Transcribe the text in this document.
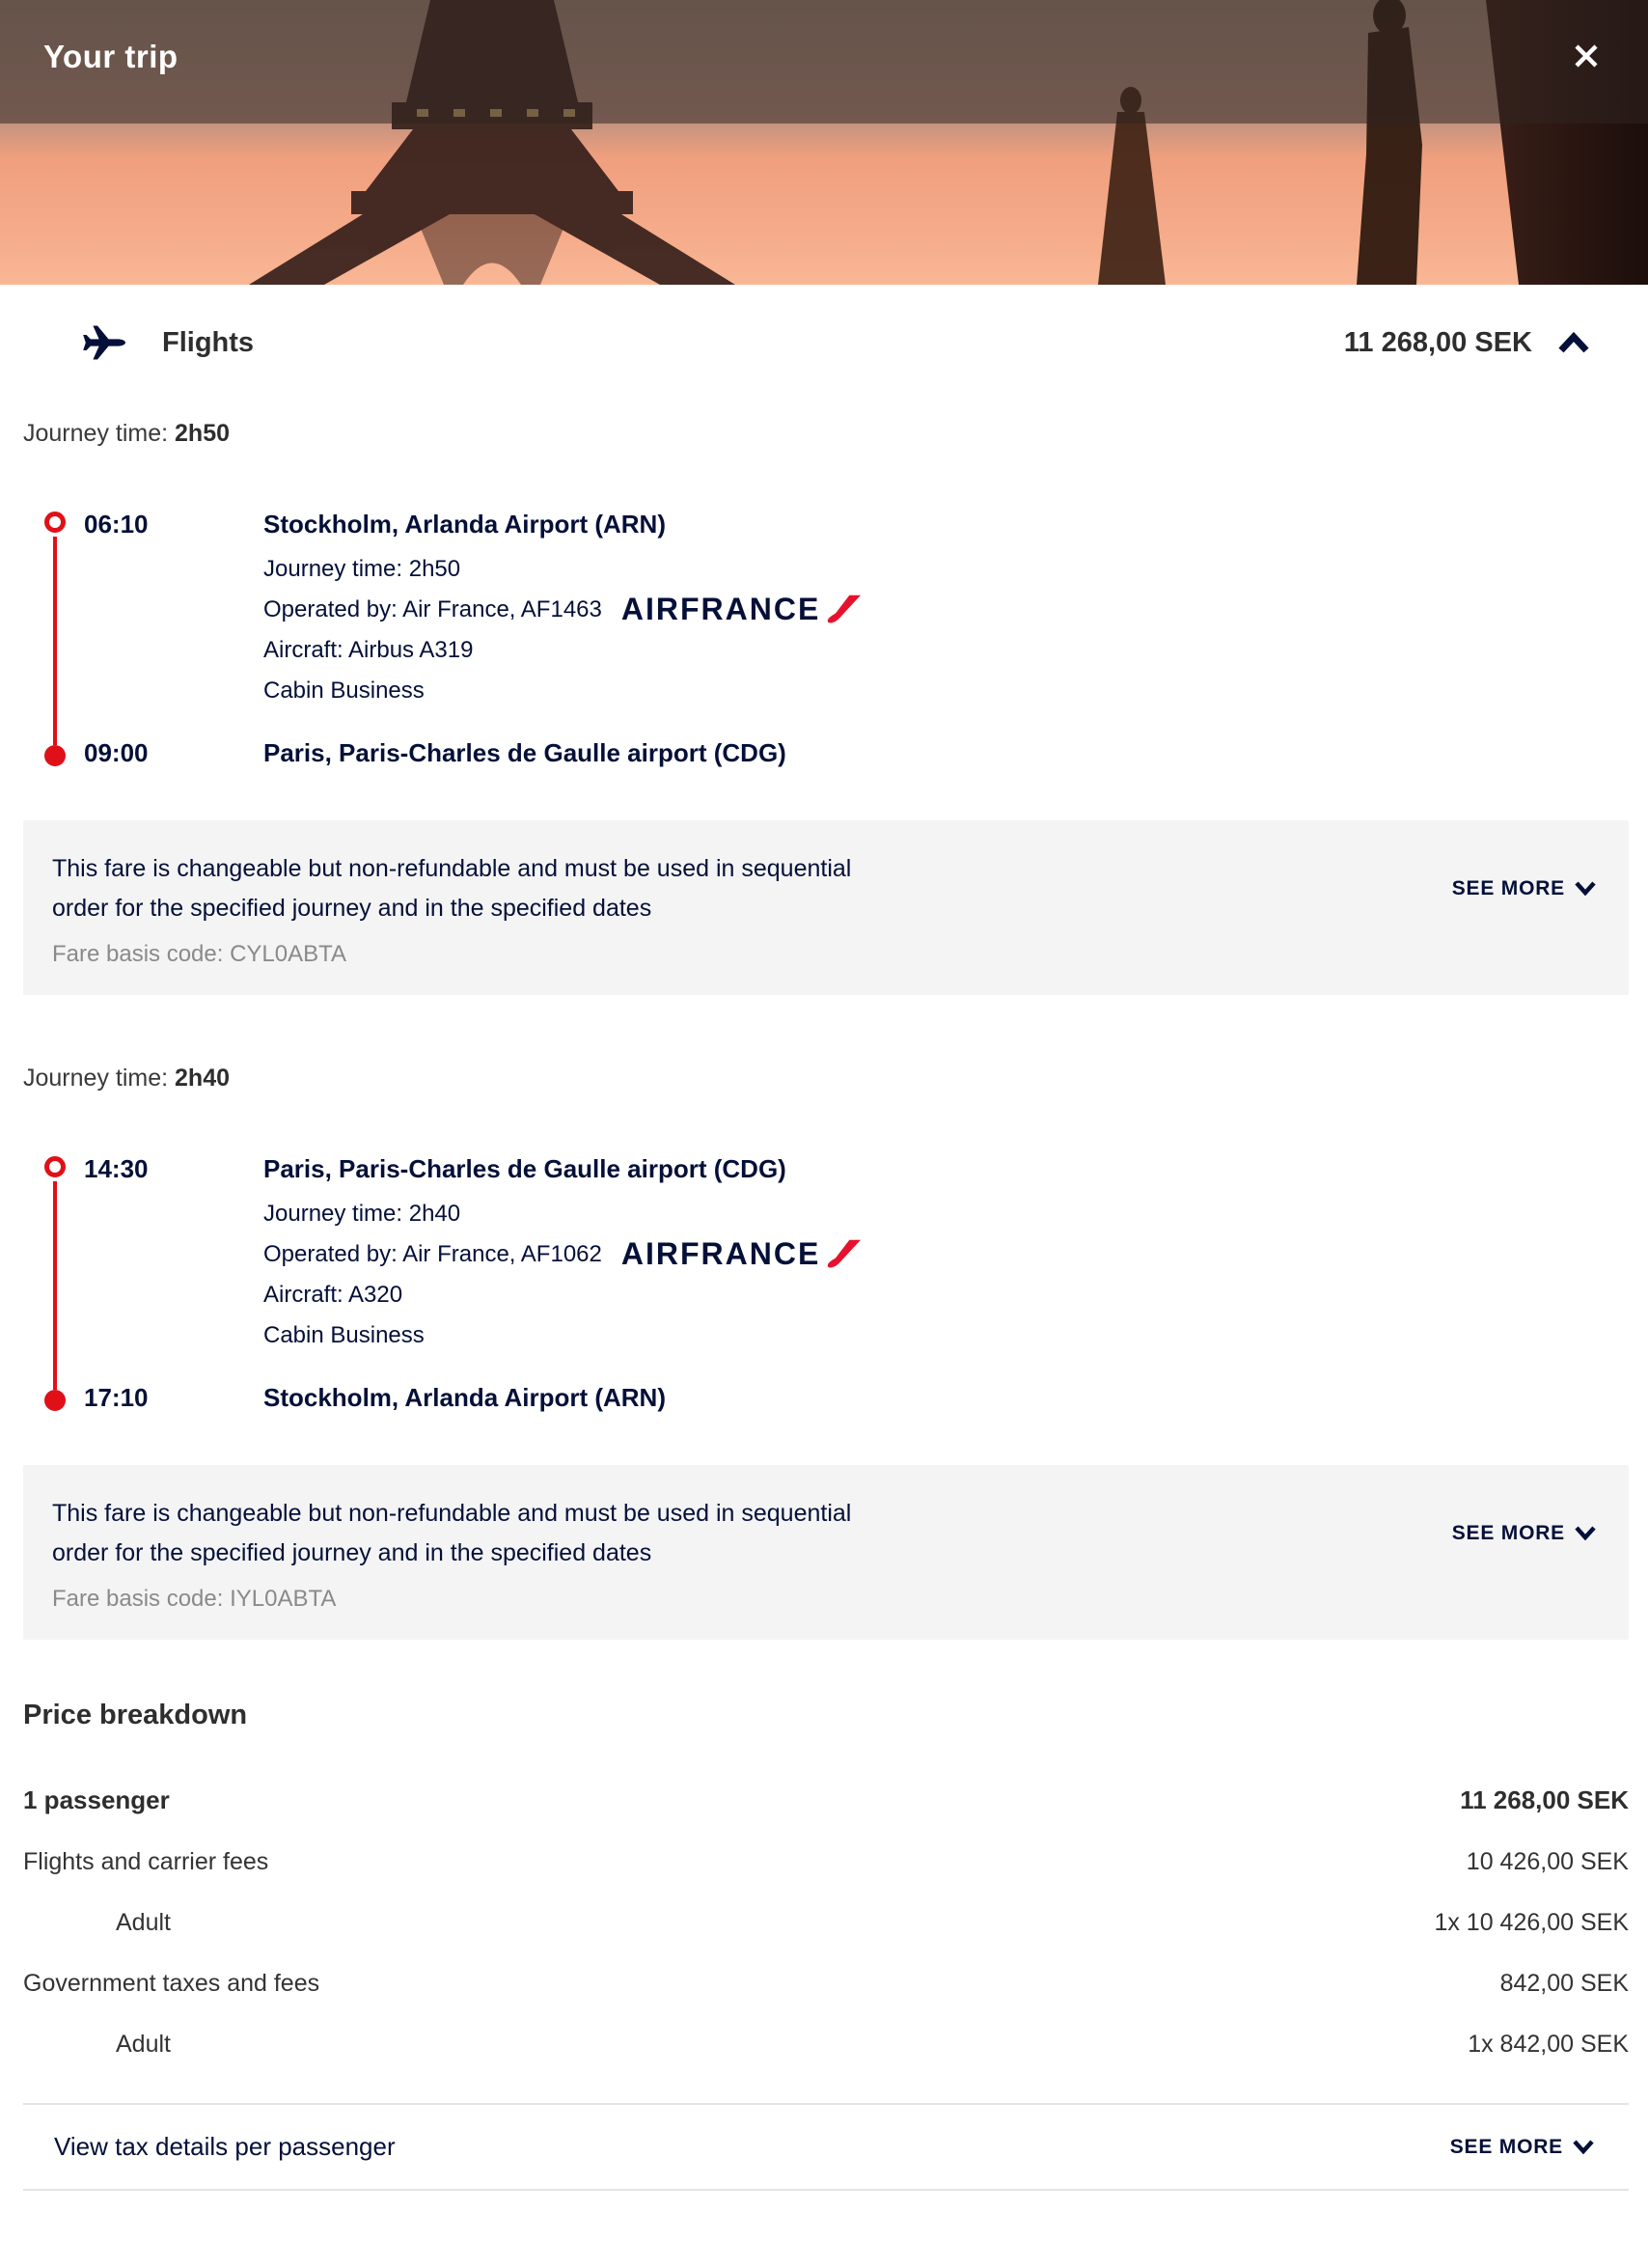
Your trip
Flights	11 268,00 SEK
Journey time: 2h50
06:10	Stockholm, Arlanda Airport (ARN)
Journey time: 2h50
Operated by: Air France, AF1463 AIRFRANCE
Aircraft: Airbus A319
Cabin Business
09:00	Paris, Paris-Charles de Gaulle airport (CDG)

This fare is changeable but non-refundable and must be used in sequential order for the specified journey and in the specified dates

SEE MORE
Fare basis code: CYL0ABTA
Journey time: 2h40
14:30	Paris, Paris-Charles de Gaulle airport (CDG)
Journey time: 2h40
Operated by: Air France, AF1062 AIRFRANCE
Aircraft: A320
Cabin Business
17:10	Stockholm, Arlanda Airport (ARN)

This fare is changeable but non-refundable and must be used in sequential order for the specified journey and in the specified dates

SEE MORE
Fare basis code: IYL0ABTA
Price breakdown
1 passenger	11 268,00 SEK
Flights and carrier fees	10 426,00 SEK
Adult	1x 10 426,00 SEK
Government taxes and fees	842,00 SEK
Adult	1x 842,00 SEK
View tax details per passenger	SEE MORE
